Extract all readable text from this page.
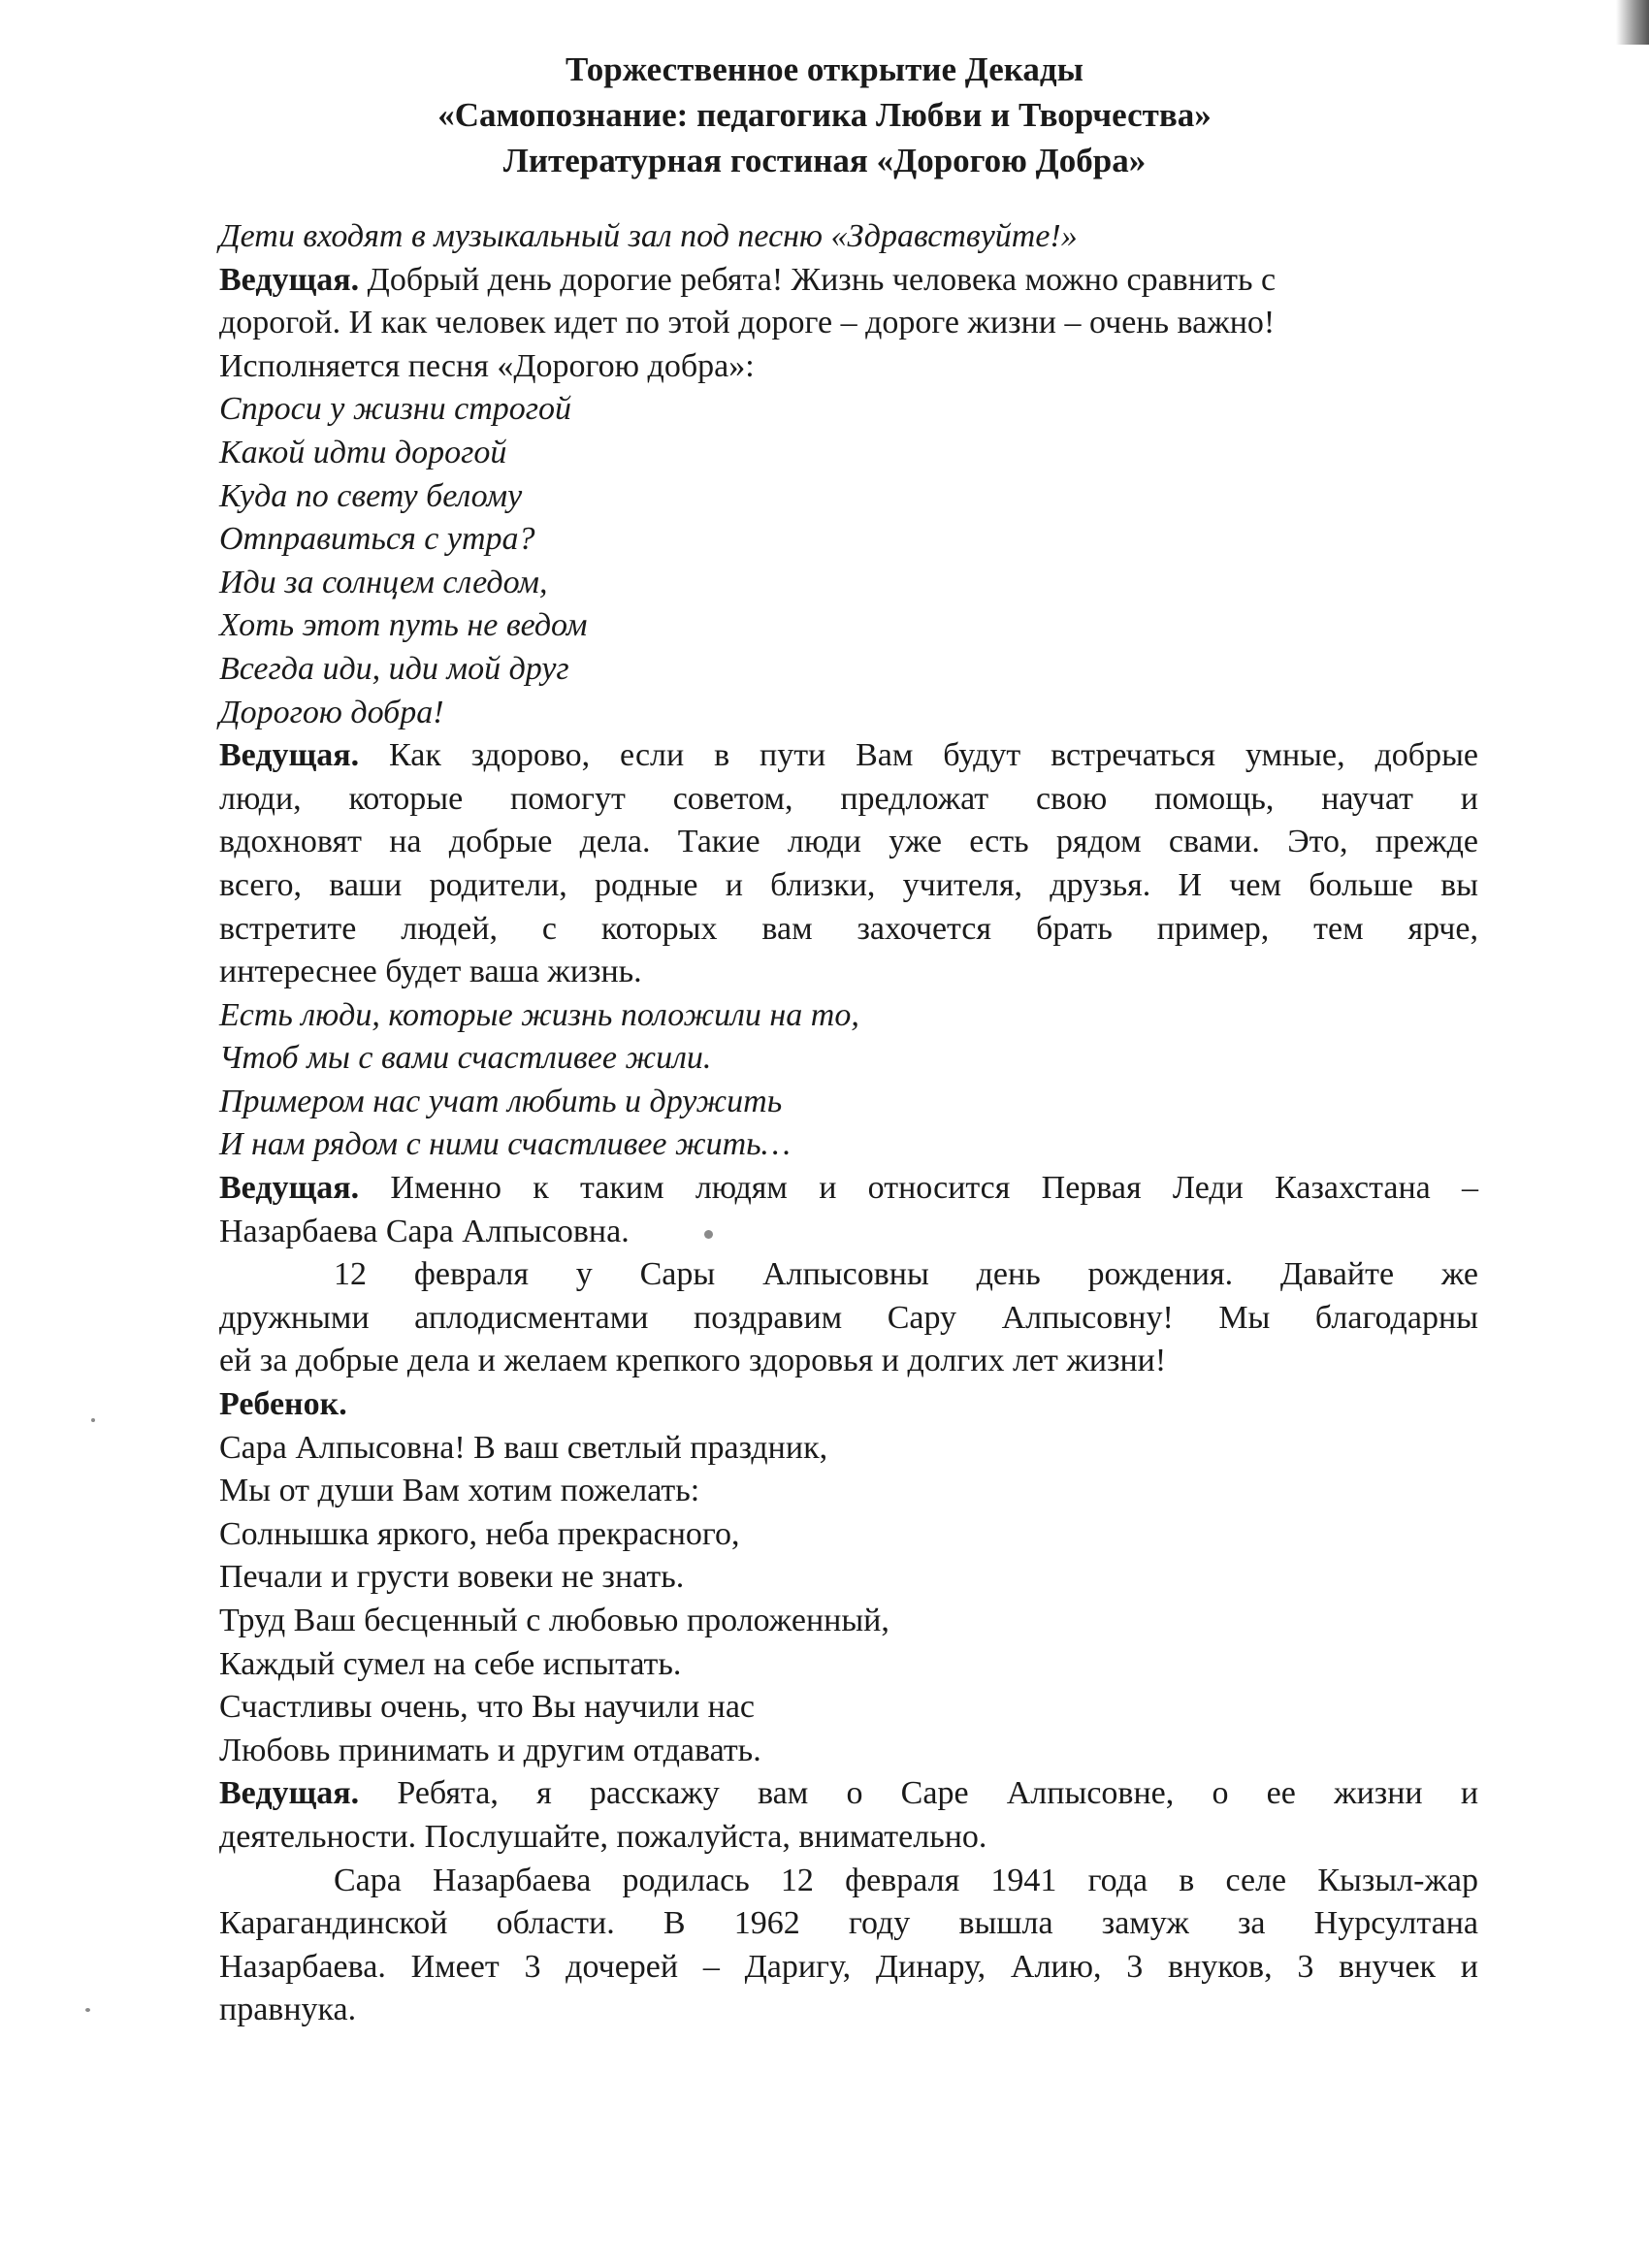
Торжественное открытие Декады
«Самопознание: педагогика Любви и Творчества»
Литературная гостиная «Дорогою Добра»
Дети входят в музыкальный зал под песню «Здравствуйте!»
Ведущая. Добрый день дорогие ребята! Жизнь человека можно сравнить с
дорогой. И как человек идет по этой дороге – дороге жизни – очень важно!
Исполняется песня «Дорогою добра»:
Спроси у жизни строгой
Какой идти дорогой
Куда по свету белому
Отправиться с утра?
Иди за солнцем следом,
Хоть этот путь не ведом
Всегда иди, иди мой друг
Дорогою добра!
Ведущая. Как здорово, если в пути Вам будут встречаться умные, добрые
люди, которые помогут советом, предложат свою помощь, научат и
вдохновят на добрые дела. Такие люди уже есть рядом свами. Это, прежде
всего, ваши родители, родные и близки, учителя, друзья. И чем больше вы
встретите людей, с которых вам захочется брать пример, тем ярче,
интереснее будет ваша жизнь.
Есть люди, которые жизнь положили на то,
Чтоб мы с вами счастливее жили.
Примером нас учат любить и дружить
И нам рядом с ними счастливее жить…
Ведущая. Именно к таким людям и относится Первая Леди Казахстана –
Назарбаева Сара Алпысовна.
12 февраля у Сары Алпысовны день рождения. Давайте же
дружными аплодисментами поздравим Сару Алпысовну! Мы благодарны
ей за добрые дела и желаем крепкого здоровья и долгих лет жизни!
Ребенок.
Сара Алпысовна! В ваш светлый праздник,
Мы от души Вам хотим пожелать:
Солнышка яркого, неба прекрасного,
Печали и грусти вовеки не знать.
Труд Ваш бесценный с любовью проложенный,
Каждый сумел на себе испытать.
Счастливы очень, что Вы научили нас
Любовь принимать и другим отдавать.
Ведущая. Ребята, я расскажу вам о Саре Алпысовне, о ее жизни и
деятельности. Послушайте, пожалуйста, внимательно.
Сара Назарбаева родилась 12 февраля 1941 года в селе Кызыл-жар
Карагандинской области. В 1962 году вышла замуж за Нурсултана
Назарбаева. Имеет 3 дочерей – Даригу, Динару, Алию, 3 внуков, 3 внучек и
правнука.
